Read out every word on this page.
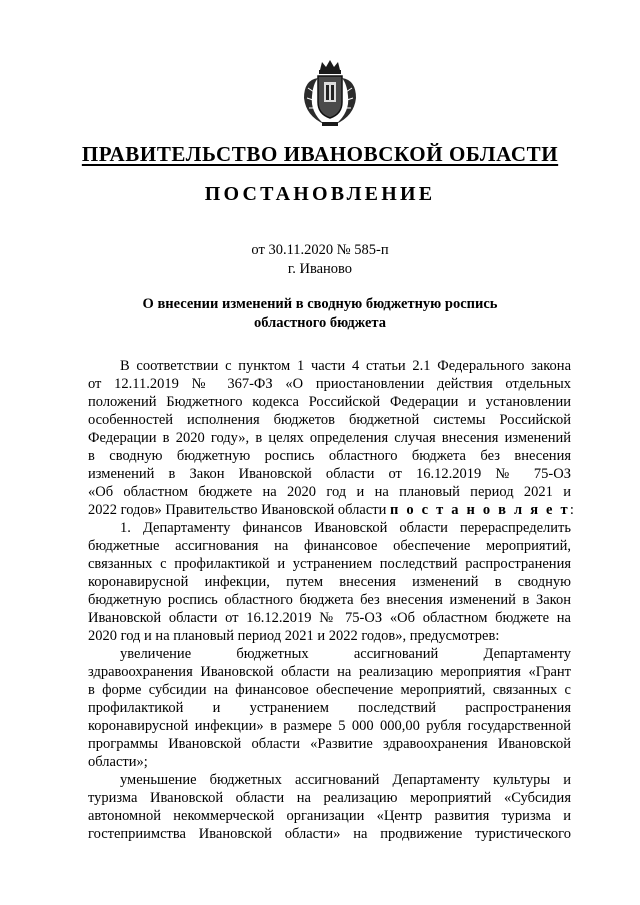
ПРАВИТЕЛЬСТВО ИВАНОВСКОЙ ОБЛАСТИ
ПОСТАНОВЛЕНИЕ
от 30.11.2020 № 585-п
г. Иваново
О внесении изменений в сводную бюджетную роспись
областного бюджета
В соответствии с пунктом 1 части 4 статьи 2.1 Федерального закона
от 12.11.2019 № 367-ФЗ «О приостановлении действия отдельных
положений Бюджетного кодекса Российской Федерации и установлении
особенностей исполнения бюджетов бюджетной системы Российской
Федерации в 2020 году», в целях определения случая внесения изменений
в сводную бюджетную роспись областного бюджета без внесения
изменений в Закон Ивановской области от 16.12.2019 № 75-ОЗ
«Об областном бюджете на 2020 год и на плановый период 2021 и
2022 годов» Правительство Ивановской области п о с т а н о в л я е т:
1. Департаменту финансов Ивановской области перераспределить
бюджетные ассигнования на финансовое обеспечение мероприятий,
связанных с профилактикой и устранением последствий распространения
коронавирусной инфекции, путем внесения изменений в сводную
бюджетную роспись областного бюджета без внесения изменений в Закон
Ивановской области от 16.12.2019 № 75-ОЗ «Об областном бюджете на
2020 год и на плановый период 2021 и 2022 годов», предусмотрев:
увеличение бюджетных ассигнований Департаменту
здравоохранения Ивановской области на реализацию мероприятия «Грант
в форме субсидии на финансовое обеспечение мероприятий, связанных с
профилактикой и устранением последствий распространения
коронавирусной инфекции» в размере 5 000 000,00 рубля государственной
программы Ивановской области «Развитие здравоохранения Ивановской
области»;
уменьшение бюджетных ассигнований Департаменту культуры и
туризма Ивановской области на реализацию мероприятий «Субсидия
автономной некоммерческой организации «Центр развития туризма и
гостеприимства Ивановской области» на продвижение туристического
